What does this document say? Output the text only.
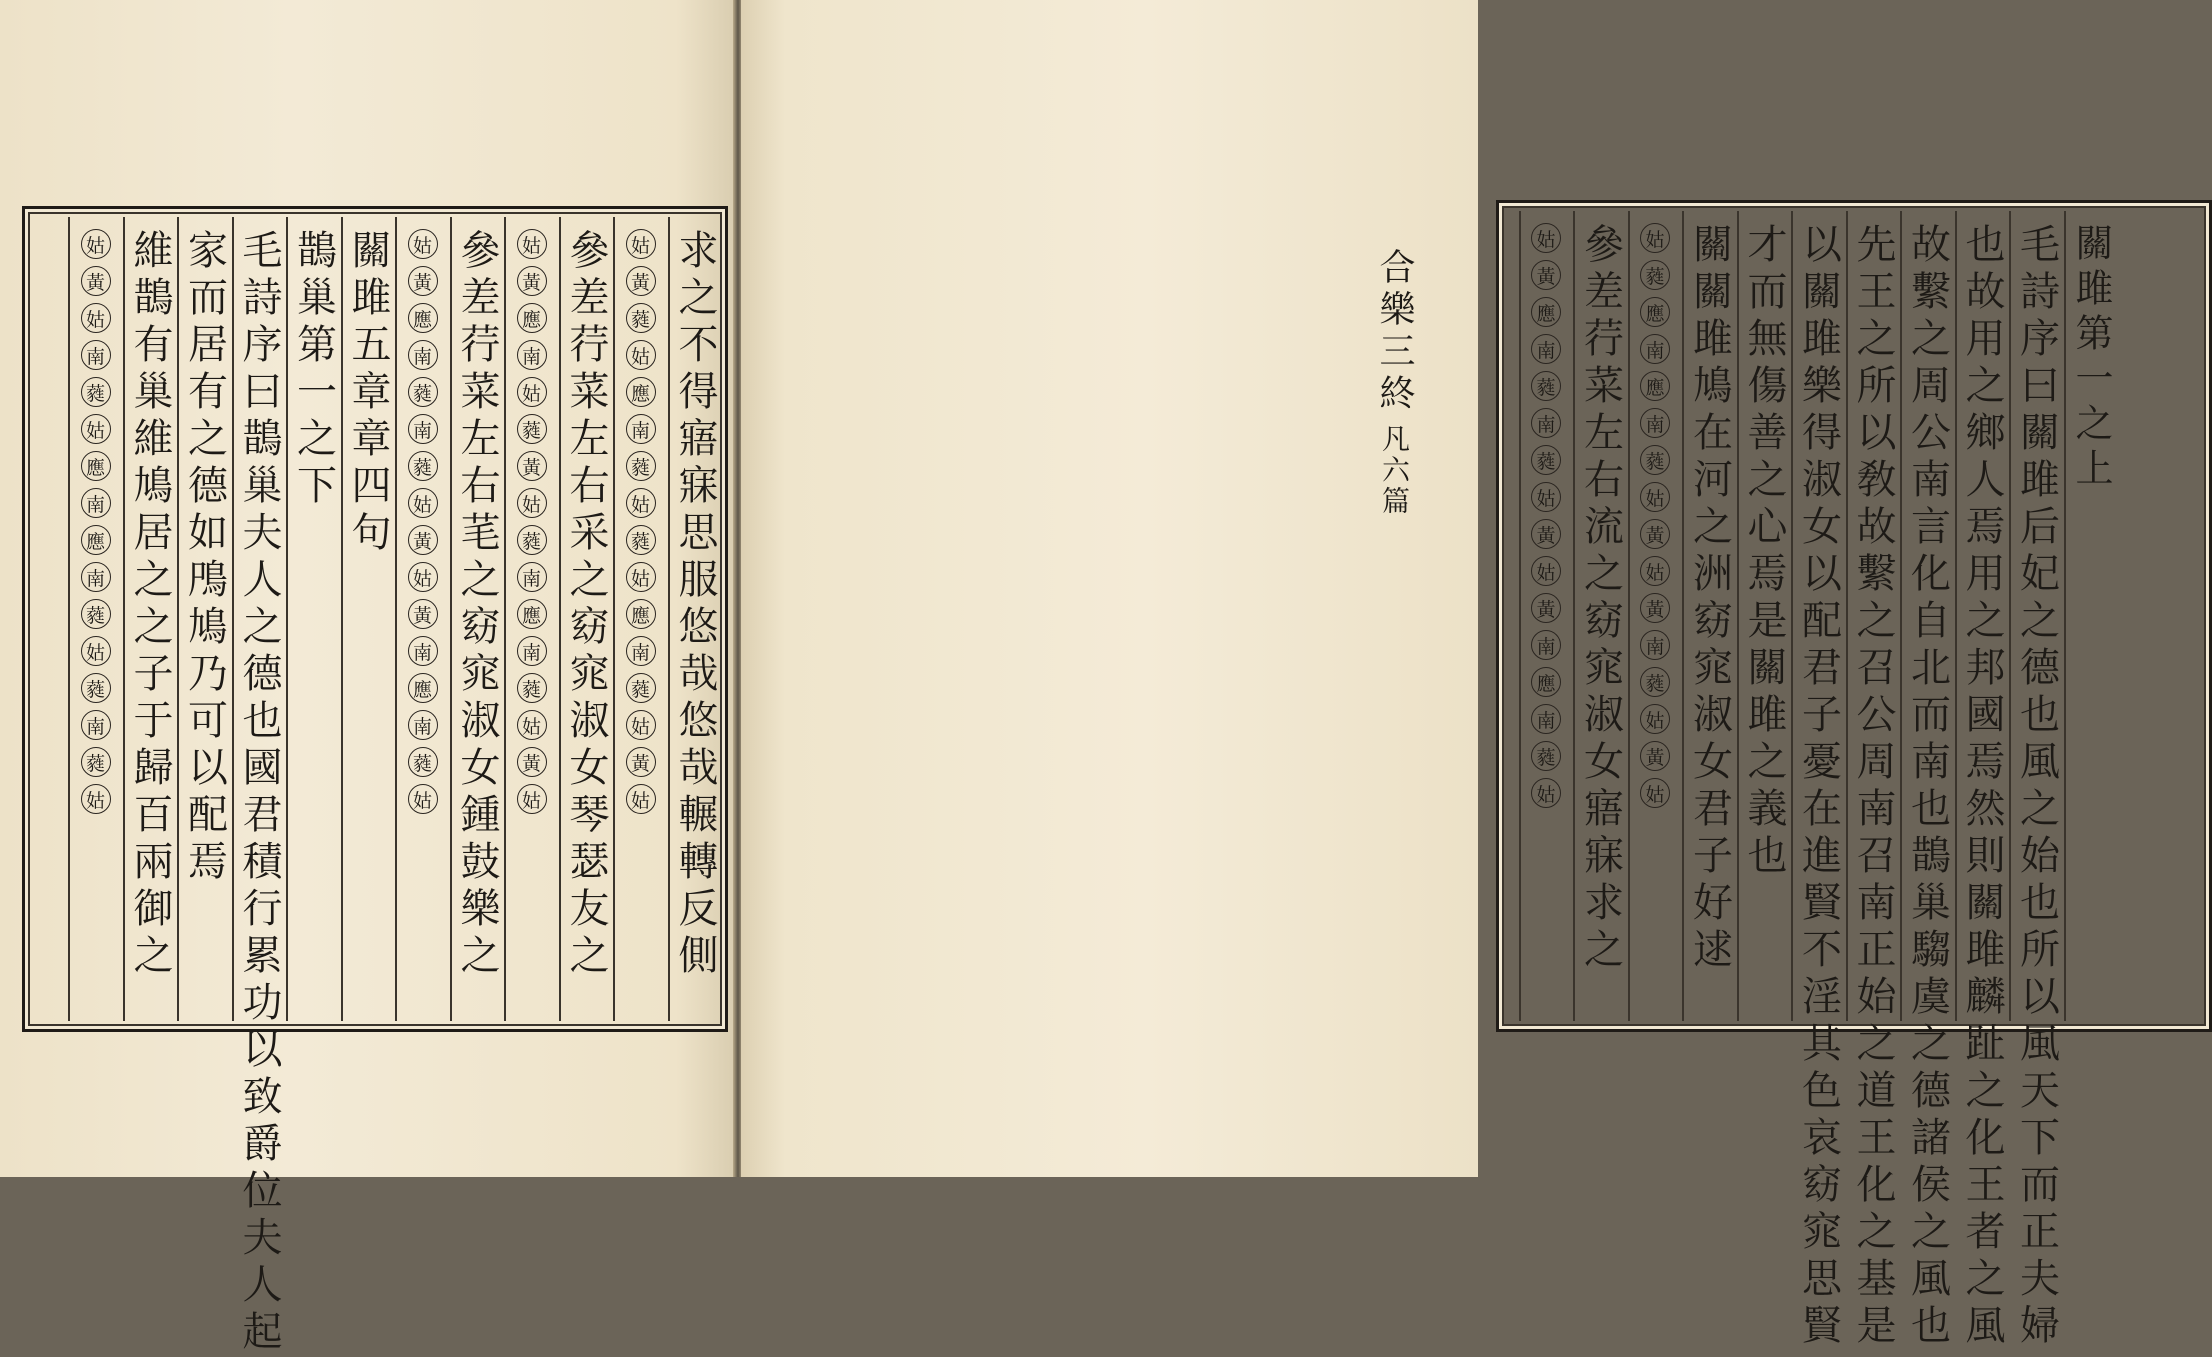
求之不得寤寐思服悠哉悠哉輾轉反側
姑
黃
蕤
姑
應
南
蕤
姑
蕤
姑
應
南
蕤
姑
黃
姑
參差荇菜左右采之窈窕淑女琴瑟友之
姑
黃
應
南
姑
蕤
黃
姑
蕤
南
應
南
蕤
姑
黃
姑
參差荇菜左右芼之窈窕淑女鍾鼓樂之
姑
黃
應
南
蕤
南
蕤
姑
黃
姑
黃
南
應
南
蕤
姑
關雎五章章四句
鵲巢第一之下
毛詩序曰鵲巢夫人之德也國君積行累功以致爵位夫人起
家而居有之德如鳲鳩乃可以配焉
維鵲有巢維鳩居之之子于歸百兩御之
姑
黃
姑
南
蕤
姑
應
南
應
南
蕤
姑
蕤
南
蕤
姑
關雎第一之上
毛詩序曰關雎后妃之德也風之始也所以風天下而正夫婦
也故用之鄉人焉用之邦國焉然則關雎麟趾之化王者之風
故繫之周公南言化自北而南也鵲巢騶虞之德諸侯之風也
先王之所以敎故繫之召公周南召南正始之道王化之基是
以關雎樂得淑女以配君子憂在進賢不淫其色哀窈窕思賢
才而無傷善之心焉是關雎之義也
關關雎鳩在河之洲窈窕淑女君子好逑
姑
蕤
應
南
應
南
蕤
姑
黃
姑
黃
南
蕤
姑
黃
姑
參差荇菜左右流之窈窕淑女寤寐求之
姑
黃
應
南
蕤
南
蕤
姑
黃
姑
黃
南
應
南
蕤
姑
合樂三終
凡六篇
